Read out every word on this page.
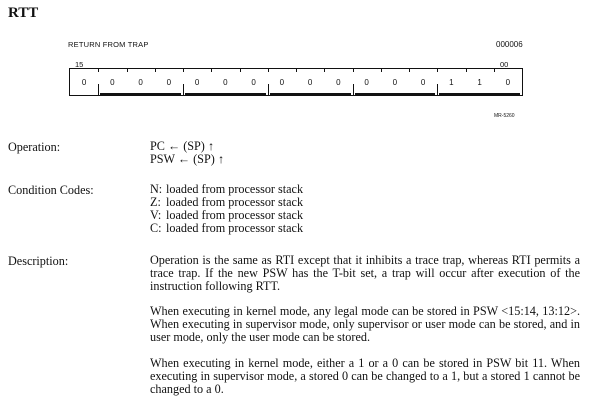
RTT
RETURN FROM TRAP	000006
15	00
0	0	0	0	0	0	0	0	0	0	0	0	0	1	1	0
MR-5260
Operation:	PC ← (SP) ↑
PSW ← (SP) ↑
Condition Codes:	N: loaded from processor stack
Z: loaded from processor stack
V: loaded from processor stack
C: loaded from processor stack
Description:	Operation is the same as RTI except that it inhibits a trace trap, whereas RTI permits a trace trap. If the new PSW has the T-bit set, a trap will occur after execution of the instruction following RTT.
When executing in kernel mode, any legal mode can be stored in PSW <15:14, 13:12>. When executing in supervisor mode, only supervisor or user mode can be stored, and in user mode, only the user mode can be stored.
When executing in kernel mode, either a 1 or a 0 can be stored in PSW bit 11. When executing in supervisor mode, a stored 0 can be changed to a 1, but a stored 1 cannot be changed to a 0.
